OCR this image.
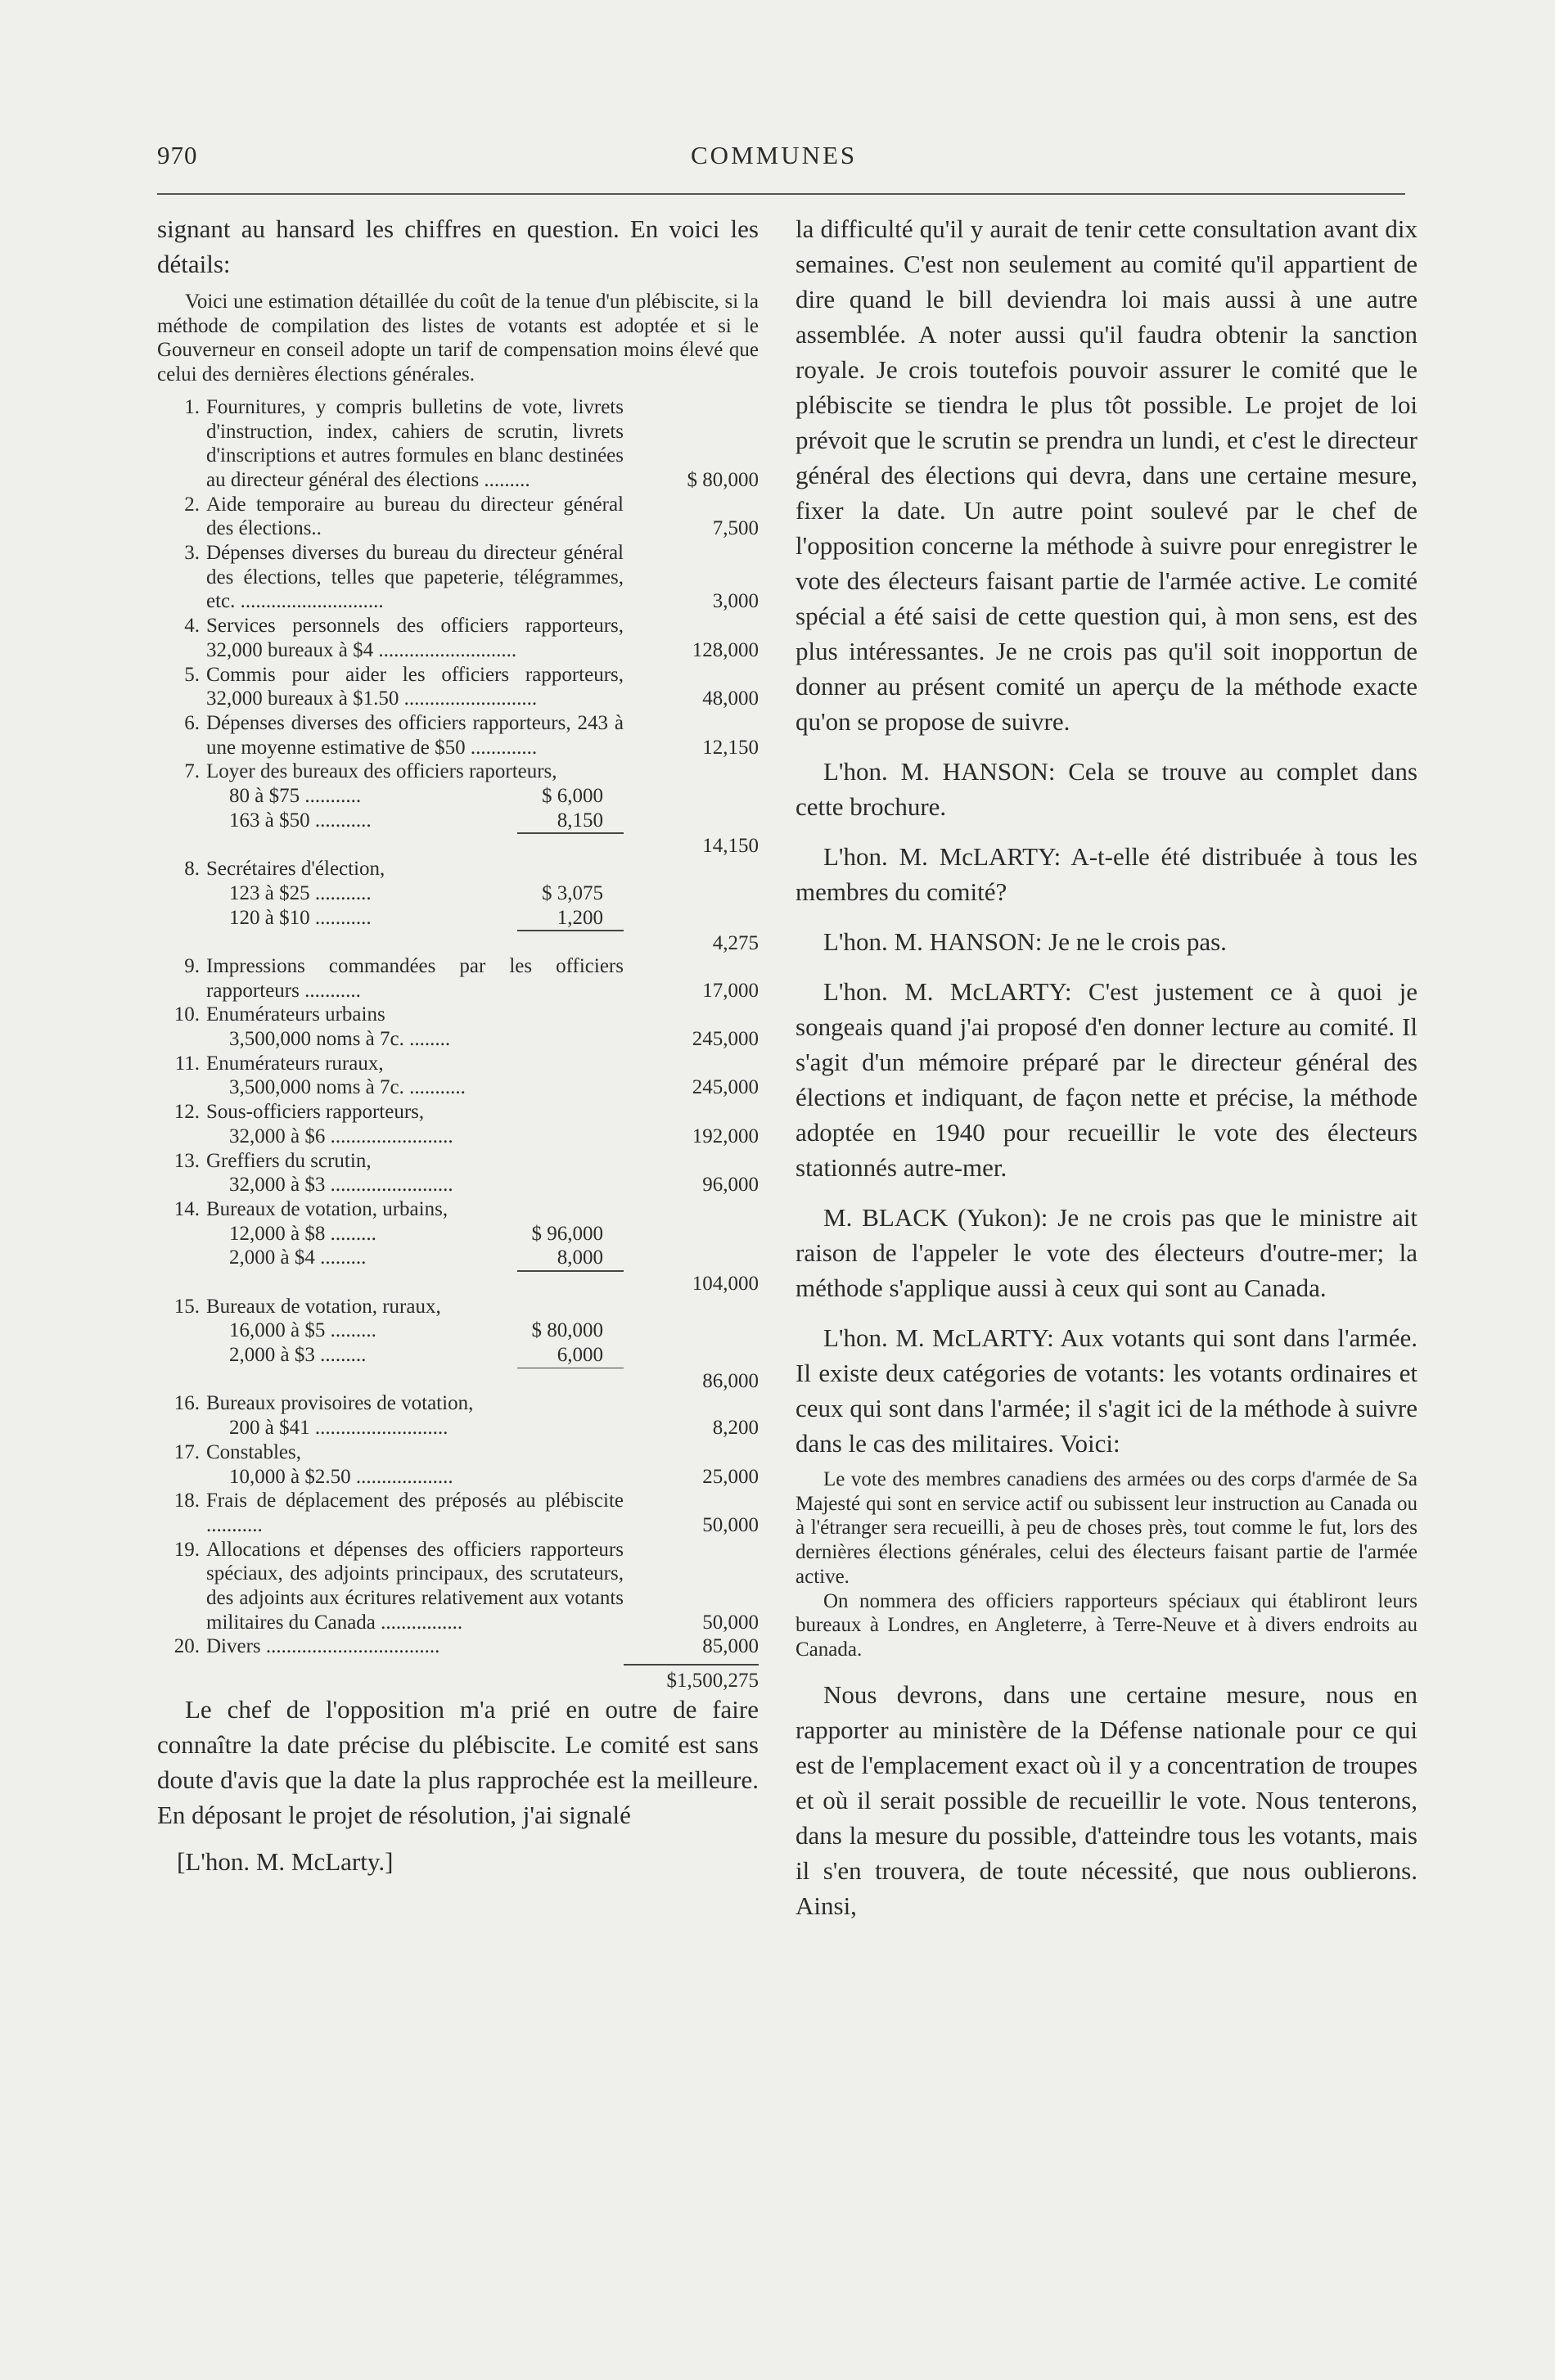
970	COMMUNES

signant au hansard les chiffres en question. En voici les détails:

Voici une estimation détaillée du coût de la tenue d'un plébiscite, si la méthode de compilation des listes de votants est adoptée et si le Gouverneur en conseil adopte un tarif de compensation moins élevé que celui des dernières élections générales.

1. Fournitures, y compris bulletins de vote, livrets d'instruction, index, cahiers de scrutin, livrets d'inscriptions et autres formules en blanc destinées au directeur général des élections .........	$ 80,000
2. Aide temporaire au bureau du directeur général des élections..	7,500
3. Dépenses diverses du bureau du directeur général des élections, telles que papeterie, télégrammes, etc. ............................	3,000
4. Services personnels des officiers rapporteurs, 32,000 bureaux à $4 ...........................	128,000
5. Commis pour aider les officiers rapporteurs, 32,000 bureaux à $1.50 ..........................	48,000
6. Dépenses diverses des officiers rapporteurs, 243 à une moyenne estimative de $50 .............	12,150
7. Loyer des bureaux des officiers raporteurs,
80 à $75 ...........	$ 6,000
163 à $50 ...........	8,150
14,150
8. Secrétaires d'élection,
123 à $25 ...........	$ 3,075
120 à $10 ...........	1,200
4,275
9. Impressions commandées par les officiers rapporteurs ...........	17,000
10. Enumérateurs urbains
3,500,000 noms à 7c. ........	245,000
11. Enumérateurs ruraux,
3,500,000 noms à 7c. ...........	245,000
12. Sous-officiers rapporteurs,
32,000 à $6 ........................	192,000
13. Greffiers du scrutin,
32,000 à $3 ........................	96,000
14. Bureaux de votation, urbains,
12,000 à $8 .........	$ 96,000
2,000 à $4 .........	8,000
104,000
15. Bureaux de votation, ruraux,
16,000 à $5 .........	$ 80,000
2,000 à $3 .........	6,000
86,000
16. Bureaux provisoires de votation,
200 à $41 ..........................	8,200
17. Constables,
10,000 à $2.50 ...................	25,000
18. Frais de déplacement des préposés au plébiscite ...........	50,000
19. Allocations et dépenses des officiers rapporteurs spéciaux, des adjoints principaux, des scrutateurs, des adjoints aux écritures relativement aux votants militaires du Canada ................	50,000
20. Divers ..................................	85,000
$1,500,275

Le chef de l'opposition m'a prié en outre de faire connaître la date précise du plébiscite. Le comité est sans doute d'avis que la date la plus rapprochée est la meilleure. En déposant le projet de résolution, j'ai signalé

[L'hon. M. McLarty.]

la difficulté qu'il y aurait de tenir cette consultation avant dix semaines. C'est non seulement au comité qu'il appartient de dire quand le bill deviendra loi mais aussi à une autre assemblée. A noter aussi qu'il faudra obtenir la sanction royale. Je crois toutefois pouvoir assurer le comité que le plébiscite se tiendra le plus tôt possible. Le projet de loi prévoit que le scrutin se prendra un lundi, et c'est le directeur général des élections qui devra, dans une certaine mesure, fixer la date. Un autre point soulevé par le chef de l'opposition concerne la méthode à suivre pour enregistrer le vote des électeurs faisant partie de l'armée active. Le comité spécial a été saisi de cette question qui, à mon sens, est des plus intéressantes. Je ne crois pas qu'il soit inopportun de donner au présent comité un aperçu de la méthode exacte qu'on se propose de suivre.

L'hon. M. HANSON: Cela se trouve au complet dans cette brochure.

L'hon. M. McLARTY: A-t-elle été distribuée à tous les membres du comité?

L'hon. M. HANSON: Je ne le crois pas.

L'hon. M. McLARTY: C'est justement ce à quoi je songeais quand j'ai proposé d'en donner lecture au comité. Il s'agit d'un mémoire préparé par le directeur général des élections et indiquant, de façon nette et précise, la méthode adoptée en 1940 pour recueillir le vote des électeurs stationnés autre-mer.

M. BLACK (Yukon): Je ne crois pas que le ministre ait raison de l'appeler le vote des électeurs d'outre-mer; la méthode s'applique aussi à ceux qui sont au Canada.

L'hon. M. McLARTY: Aux votants qui sont dans l'armée. Il existe deux catégories de votants: les votants ordinaires et ceux qui sont dans l'armée; il s'agit ici de la méthode à suivre dans le cas des militaires. Voici:

Le vote des membres canadiens des armées ou des corps d'armée de Sa Majesté qui sont en service actif ou subissent leur instruction au Canada ou à l'étranger sera recueilli, à peu de choses près, tout comme le fut, lors des dernières élections générales, celui des électeurs faisant partie de l'armée active.

On nommera des officiers rapporteurs spéciaux qui établiront leurs bureaux à Londres, en Angleterre, à Terre-Neuve et à divers endroits au Canada.

Nous devrons, dans une certaine mesure, nous en rapporter au ministère de la Défense nationale pour ce qui est de l'emplacement exact où il y a concentration de troupes et où il serait possible de recueillir le vote. Nous tenterons, dans la mesure du possible, d'atteindre tous les votants, mais il s'en trouvera, de toute nécessité, que nous oublierons. Ainsi,
